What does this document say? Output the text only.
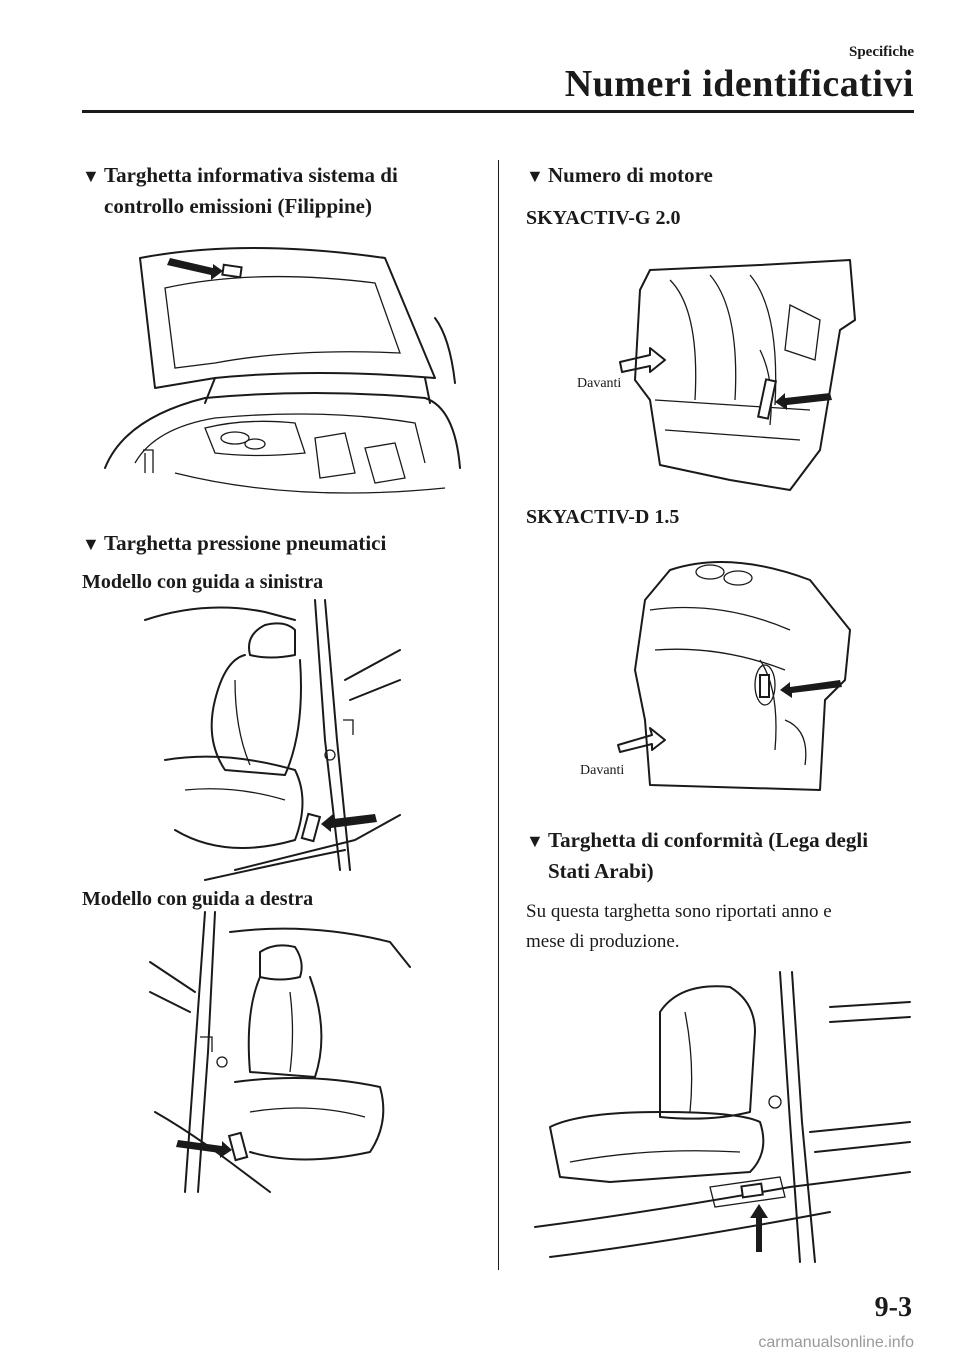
Specifiche
Numeri identificativi
▼ Targhetta informativa sistema di
controllo emissioni (Filippine)
▼ Targhetta pressione pneumatici
Modello con guida a sinistra
Modello con guida a destra
▼ Numero di motore
SKYACTIV-G 2.0
Davanti
SKYACTIV-D 1.5
Davanti
▼ Targhetta di conformità (Lega degli
Stati Arabi)
Su questa targhetta sono riportati anno e
mese di produzione.
9-3
carmanualsonline.info
